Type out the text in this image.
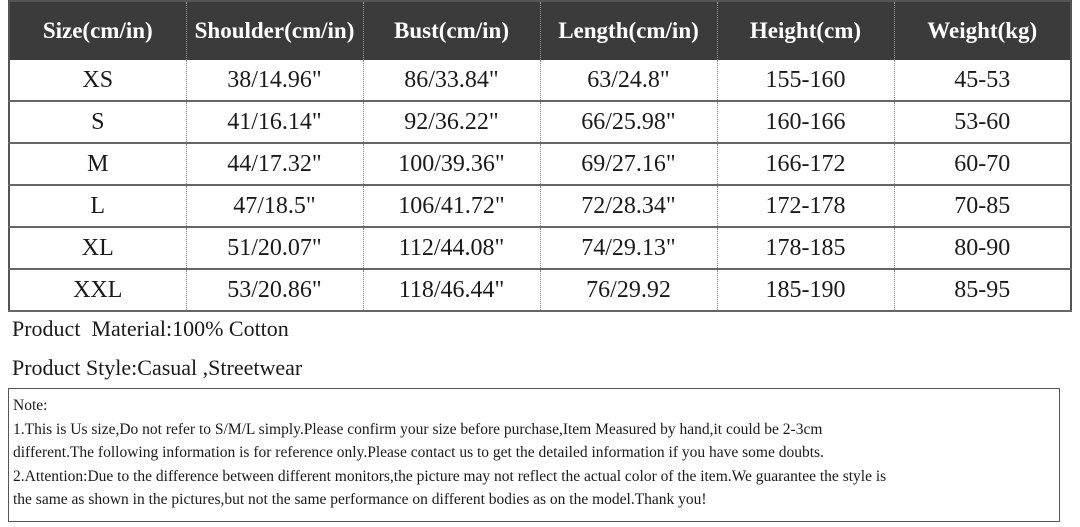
Size(cm/in)	Shoulder(cm/in)	Bust(cm/in)	Length(cm/in)	Height(cm)	Weight(kg)
XS	38/14.96"	86/33.84"	63/24.8"	155-160	45-53
S	41/16.14"	92/36.22"	66/25.98"	160-166	53-60
M	44/17.32"	100/39.36"	69/27.16"	166-172	60-70
L	47/18.5"	106/41.72"	72/28.34"	172-178	70-85
XL	51/20.07"	112/44.08"	74/29.13"	178-185	80-90
XXL	53/20.86"	118/46.44"	76/29.92	185-190	85-95
Product  Material:100% Cotton
Product Style:Casual ,Streetwear
Note:
1.This is Us size,Do not refer to S/M/L simply.Please confirm your size before purchase,Item Measured by hand,it could be 2-3cm
different.The following information is for reference only.Please contact us to get the detailed information if you have some doubts.
2.Attention:Due to the difference between different monitors,the picture may not reflect the actual color of the item.We guarantee the style is
the same as shown in the pictures,but not the same performance on different bodies as on the model.Thank you!
